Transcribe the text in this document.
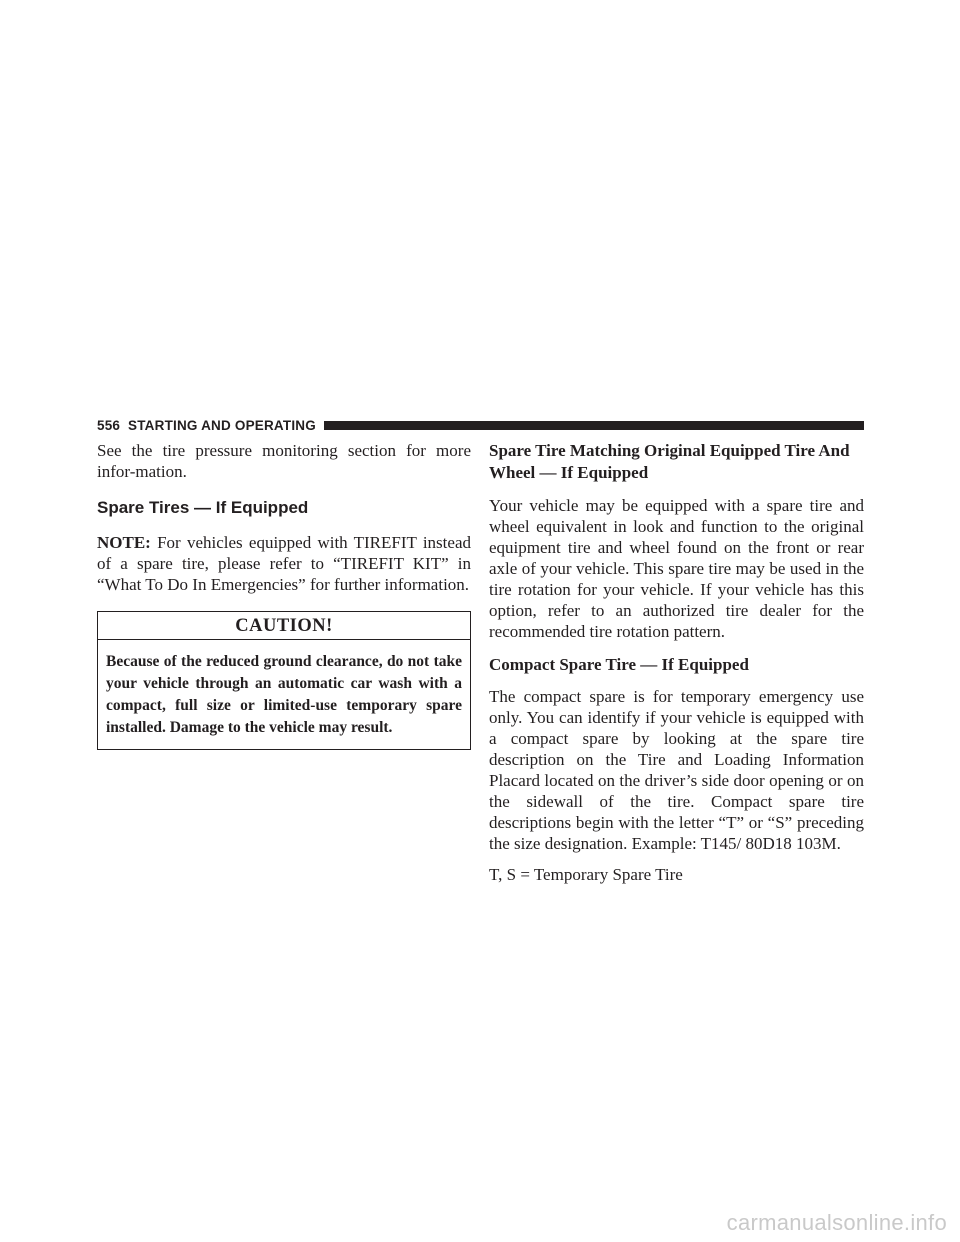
556 STARTING AND OPERATING

See the tire pressure monitoring section for more infor-mation.

Spare Tires — If Equipped

NOTE: For vehicles equipped with TIREFIT instead of a spare tire, please refer to “TIREFIT KIT” in “What To Do In Emergencies” for further information.

CAUTION!

Because of the reduced ground clearance, do not take your vehicle through an automatic car wash with a compact, full size or limited-use temporary spare installed. Damage to the vehicle may result.

Spare Tire Matching Original Equipped Tire And Wheel — If Equipped

Your vehicle may be equipped with a spare tire and wheel equivalent in look and function to the original equipment tire and wheel found on the front or rear axle of your vehicle. This spare tire may be used in the tire rotation for your vehicle. If your vehicle has this option, refer to an authorized tire dealer for the recommended tire rotation pattern.

Compact Spare Tire — If Equipped

The compact spare is for temporary emergency use only. You can identify if your vehicle is equipped with a compact spare by looking at the spare tire description on the Tire and Loading Information Placard located on the driver’s side door opening or on the sidewall of the tire. Compact spare tire descriptions begin with the letter “T” or “S” preceding the size designation. Example: T145/ 80D18 103M.

T, S = Temporary Spare Tire

carmanualsonline.info
